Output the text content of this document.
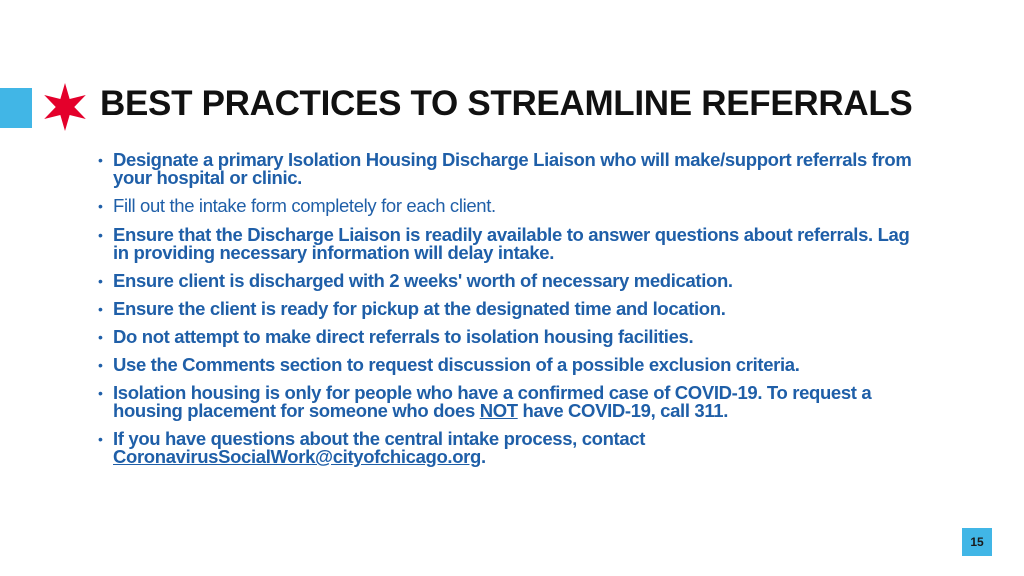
BEST PRACTICES TO STREAMLINE REFERRALS
• Designate a primary Isolation Housing Discharge Liaison who will make/support referrals from your hospital or clinic.
• Fill out the intake form completely for each client.
• Ensure that the Discharge Liaison is readily available to answer questions about referrals. Lag in providing necessary information will delay intake.
• Ensure client is discharged with 2 weeks' worth of necessary medication.
• Ensure the client is ready for pickup at the designated time and location.
• Do not attempt to make direct referrals to isolation housing facilities.
• Use the Comments section to request discussion of a possible exclusion criteria.
• Isolation housing is only for people who have a confirmed case of COVID-19. To request a housing placement for someone who does NOT have COVID-19, call 311.
• If you have questions about the central intake process, contact CoronavirusSocialWork@cityofchicago.org.
15
